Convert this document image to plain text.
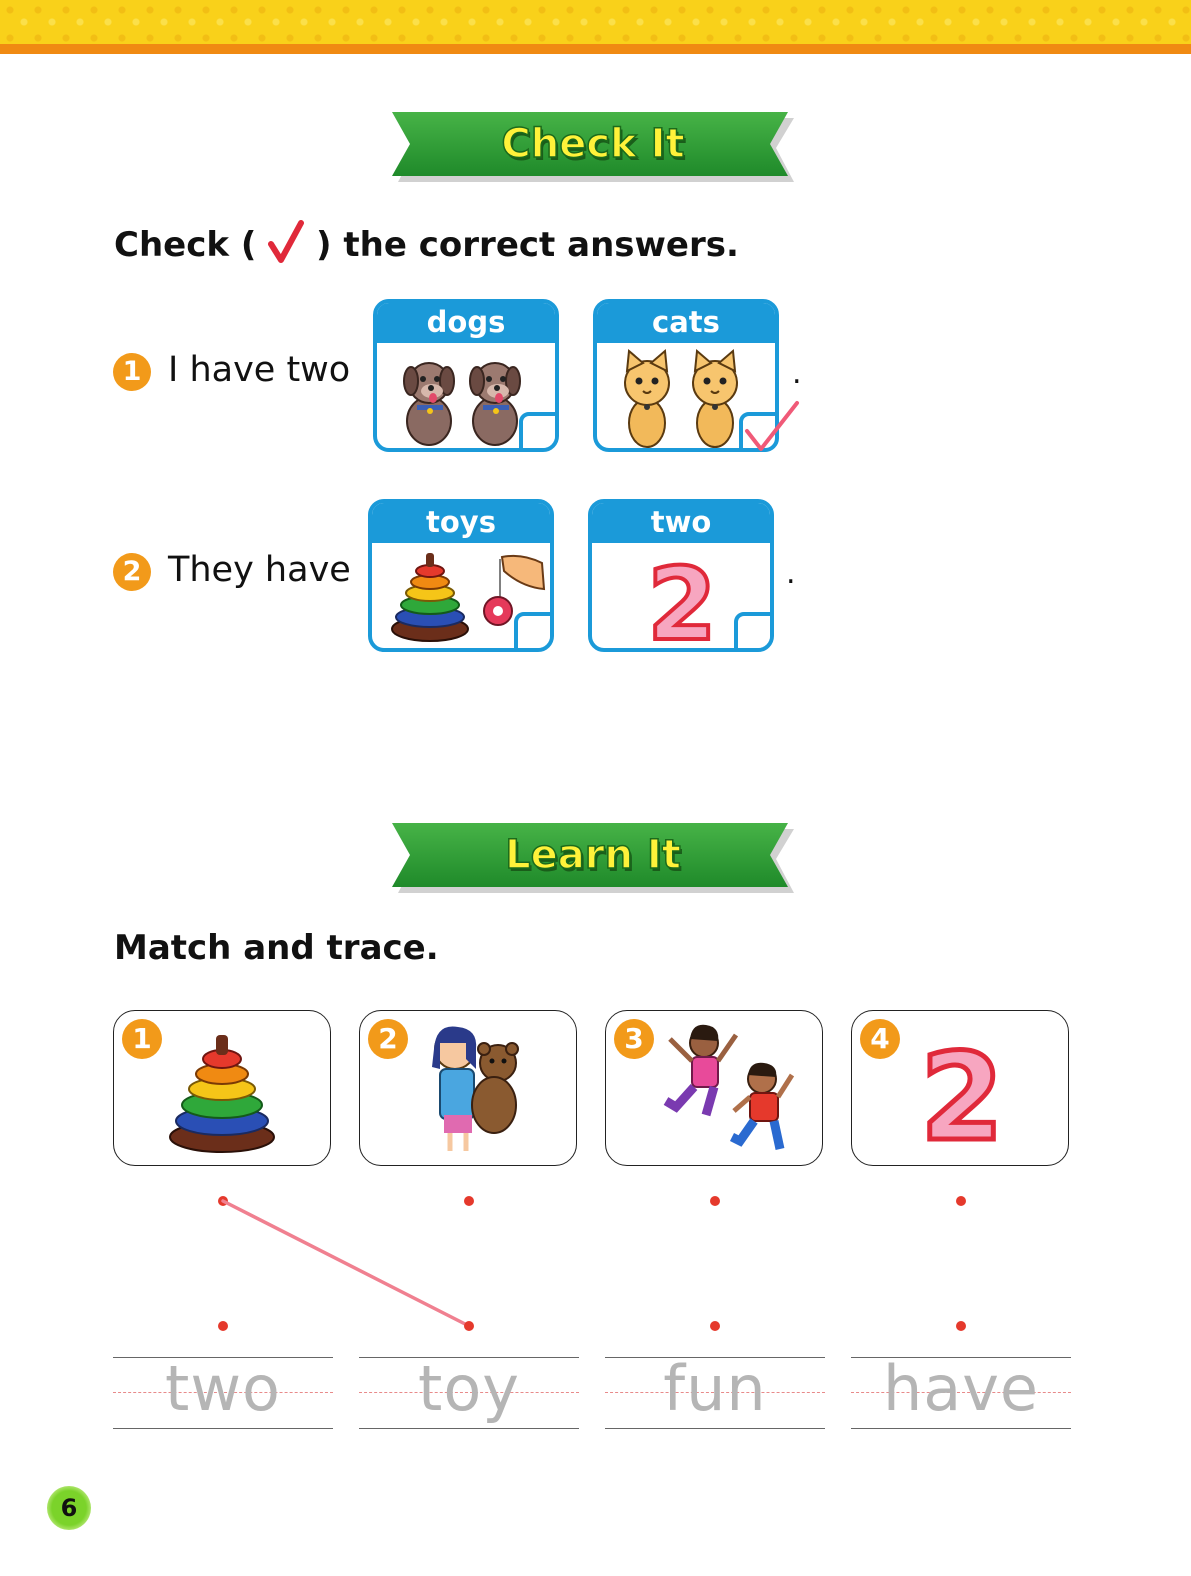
Check It
Check ( ) the correct answers.
1 I have two
dogs	cats
.
2 They have
toys	two
2 .
Learn It
Match and trace.
1	2	3	4 2
two	toy	fun	have
6
